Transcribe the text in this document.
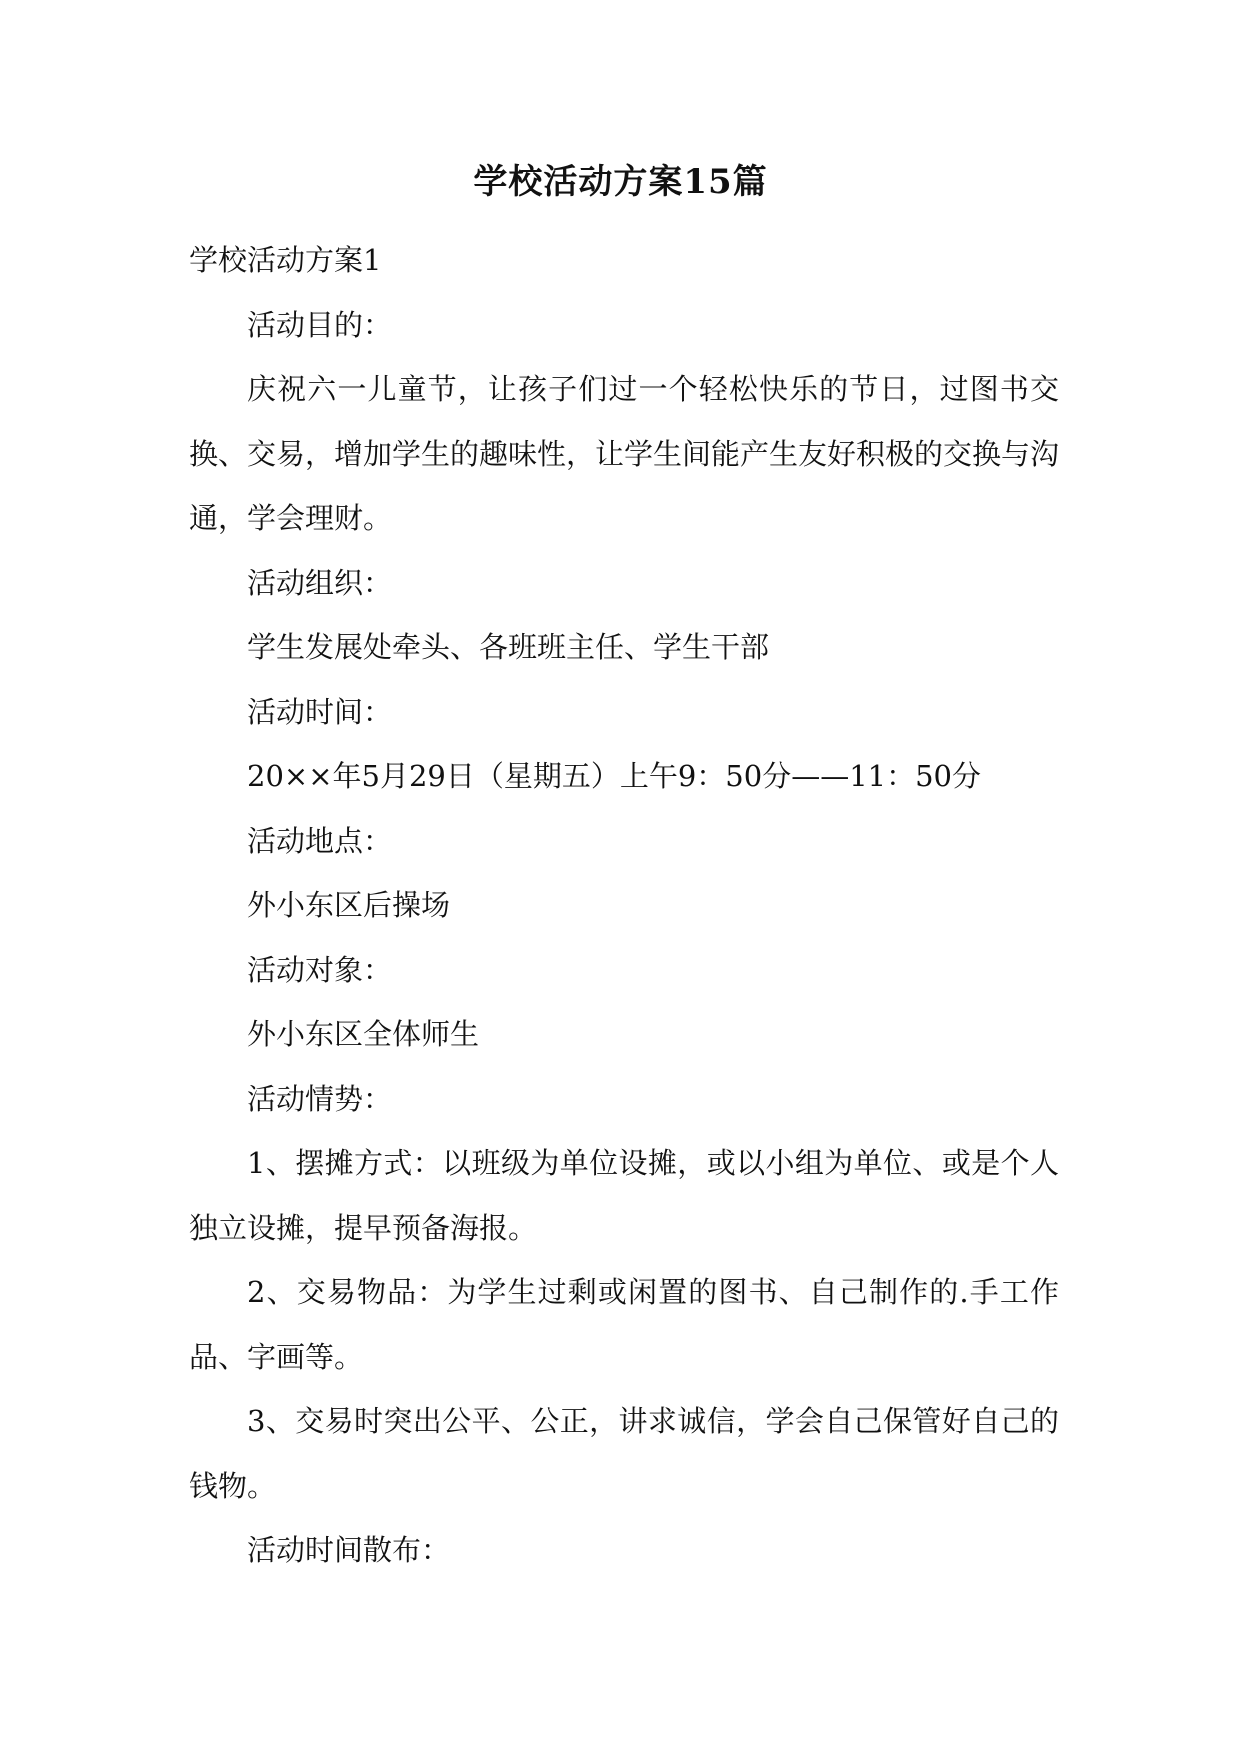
学校活动方案15篇

学校活动方案1

活动目的：

庆祝六一儿童节，让孩子们过一个轻松快乐的节日，过图书交换、交易，增加学生的趣味性，让学生间能产生友好积极的交换与沟通，学会理财。

活动组织：

学生发展处牵头、各班班主任、学生干部

活动时间：

20××年5月29日（星期五）上午9：50分——11：50分

活动地点：

外小东区后操场

活动对象：

外小东区全体师生

活动情势：

1、摆摊方式：以班级为单位设摊，或以小组为单位、或是个人独立设摊，提早预备海报。

2、交易物品：为学生过剩或闲置的图书、自己制作的.手工作品、字画等。

3、交易时突出公平、公正，讲求诚信，学会自己保管好自己的钱物。

活动时间散布：
